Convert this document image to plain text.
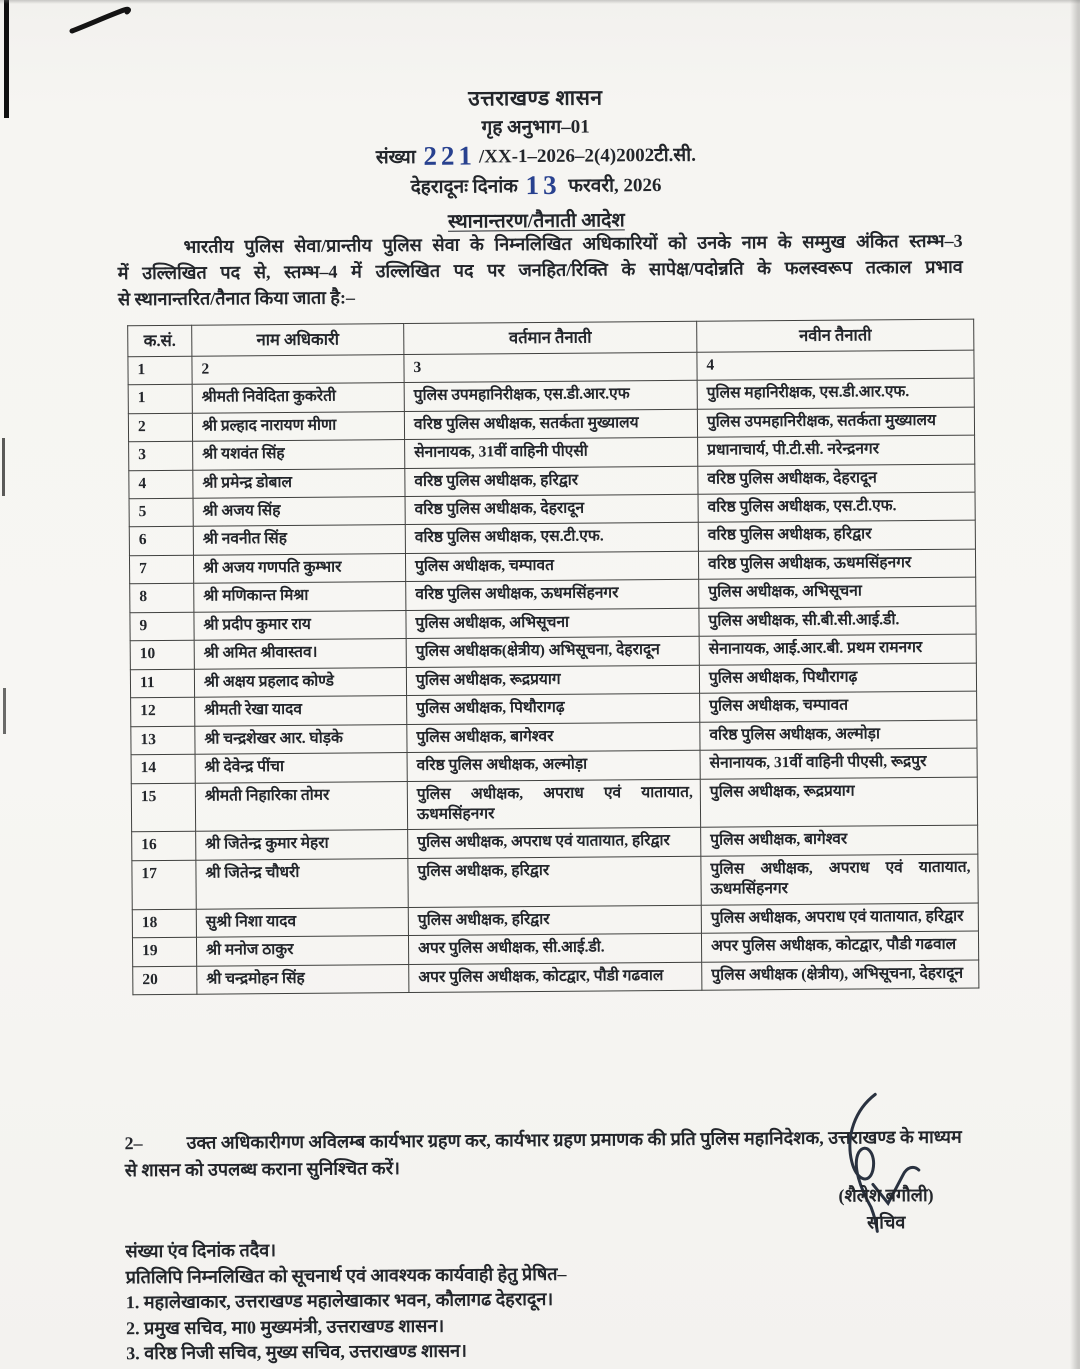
उत्तराखण्ड शासन
गृह अनुभाग–01
संख्या 221 /XX-1–2026–2(4)2002टी.सी.
देहरादूनः दिनांक 13 फरवरी, 2026
स्थानान्तरण/तैनाती आदेश
भारतीय पुलिस सेवा/प्रान्तीय पुलिस सेवा के निम्नलिखित अधिकारियों को उनके नाम के सम्मुख अंकित स्तम्भ–3
में उल्लिखित पद से, स्तम्भ–4 में उल्लिखित पद पर जनहित/रिक्ति के सापेक्ष/पदोन्नति के फलस्वरूप तत्काल प्रभाव
से स्थानान्तरित/तैनात किया जाता है:–
क.सं.	नाम अधिकारी	वर्तमान तैनाती	नवीन तैनाती
1	2	3	4
1	श्रीमती निवेदिता कुकरेती	पुलिस उपमहानिरीक्षक, एस.डी.आर.एफ	पुलिस महानिरीक्षक, एस.डी.आर.एफ.
2	श्री प्रल्हाद नारायण मीणा	वरिष्ठ पुलिस अधीक्षक, सतर्कता मुख्यालय	पुलिस उपमहानिरीक्षक, सतर्कता मुख्यालय
3	श्री यशवंत सिंह	सेनानायक, 31वीं वाहिनी पीएसी	प्रधानाचार्य, पी.टी.सी. नरेन्द्रनगर
4	श्री प्रमेन्द्र डोबाल	वरिष्ठ पुलिस अधीक्षक, हरिद्वार	वरिष्ठ पुलिस अधीक्षक, देहरादून
5	श्री अजय सिंह	वरिष्ठ पुलिस अधीक्षक, देहरादून	वरिष्ठ पुलिस अधीक्षक, एस.टी.एफ.
6	श्री नवनीत सिंह	वरिष्ठ पुलिस अधीक्षक, एस.टी.एफ.	वरिष्ठ पुलिस अधीक्षक, हरिद्वार
7	श्री अजय गणपति कुम्भार	पुलिस अधीक्षक, चम्पावत	वरिष्ठ पुलिस अधीक्षक, ऊधमसिंहनगर
8	श्री मणिकान्त मिश्रा	वरिष्ठ पुलिस अधीक्षक, ऊधमसिंहनगर	पुलिस अधीक्षक, अभिसूचना
9	श्री प्रदीप कुमार राय	पुलिस अधीक्षक, अभिसूचना	पुलिस अधीक्षक, सी.बी.सी.आई.डी.
10	श्री अमित श्रीवास्तव।	पुलिस अधीक्षक(क्षेत्रीय) अभिसूचना, देहरादून	सेनानायक, आई.आर.बी. प्रथम रामनगर
11	श्री अक्षय प्रहलाद कोण्डे	पुलिस अधीक्षक, रूद्रप्रयाग	पुलिस अधीक्षक, पिथौरागढ़
12	श्रीमती रेखा यादव	पुलिस अधीक्षक, पिथौरागढ़	पुलिस अधीक्षक, चम्पावत
13	श्री चन्द्रशेखर आर. घोड़के	पुलिस अधीक्षक, बागेश्वर	वरिष्ठ पुलिस अधीक्षक, अल्मोड़ा
14	श्री देवेन्द्र पींचा	वरिष्ठ पुलिस अधीक्षक, अल्मोड़ा	सेनानायक, 31वीं वाहिनी पीएसी, रूद्रपुर
15	श्रीमती निहारिका तोमर	पुलिस अधीक्षक, अपराध एवं यातायात, ऊधमसिंहनगर	पुलिस अधीक्षक, रूद्रप्रयाग
16	श्री जितेन्द्र कुमार मेहरा	पुलिस अधीक्षक, अपराध एवं यातायात, हरिद्वार	पुलिस अधीक्षक, बागेश्वर
17	श्री जितेन्द्र चौधरी	पुलिस अधीक्षक, हरिद्वार	पुलिस अधीक्षक, अपराध एवं यातायात, ऊधमसिंहनगर
18	सुश्री निशा यादव	पुलिस अधीक्षक, हरिद्वार	पुलिस अधीक्षक, अपराध एवं यातायात, हरिद्वार
19	श्री मनोज ठाकुर	अपर पुलिस अधीक्षक, सी.आई.डी.	अपर पुलिस अधीक्षक, कोटद्वार, पौडी गढवाल
20	श्री चन्द्रमोहन सिंह	अपर पुलिस अधीक्षक, कोटद्वार, पौडी गढवाल	पुलिस अधीक्षक (क्षेत्रीय), अभिसूचना, देहरादून
2– उक्त अधिकारीगण अविलम्ब कार्यभार ग्रहण कर, कार्यभार ग्रहण प्रमाणक की प्रति पुलिस महानिदेशक, उत्तराखण्ड के माध्यम से शासन को उपलब्ध कराना सुनिश्चित करें।
(शैलेश बगौली)
सचिव
संख्या एंव दिनांक तदैव।
प्रतिलिपि निम्नलिखित को सूचनार्थ एवं आवश्यक कार्यवाही हेतु प्रेषित–
1. महालेखाकार, उत्तराखण्ड महालेखाकार भवन, कौलागढ देहरादून।
2. प्रमुख सचिव, मा0 मुख्यमंत्री, उत्तराखण्ड शासन।
3. वरिष्ठ निजी सचिव, मुख्य सचिव, उत्तराखण्ड शासन।
